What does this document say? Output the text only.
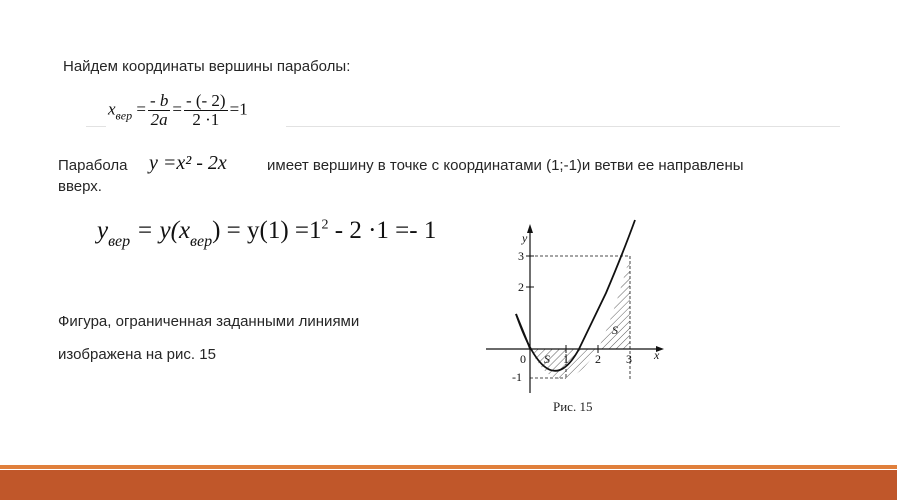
Найдем координаты вершины параболы:
$x_{вер} = \frac{- b}{2a} = \frac{- (- 2)}{2 \cdot 1} =1$
Парабола y =x² - 2x	имеет вершину в точке с координатами (1;-1)и ветви ее направлены
вверх.
$y_{вер} = y(x_{вер}) = y(1) =1^2 - 2 \cdot 1 =- 1$
Фигура, ограниченная заданными линиями
изображена на рис. 15
y
x
0	1 2 3
-1
2
3
S
S
Рис. 15
